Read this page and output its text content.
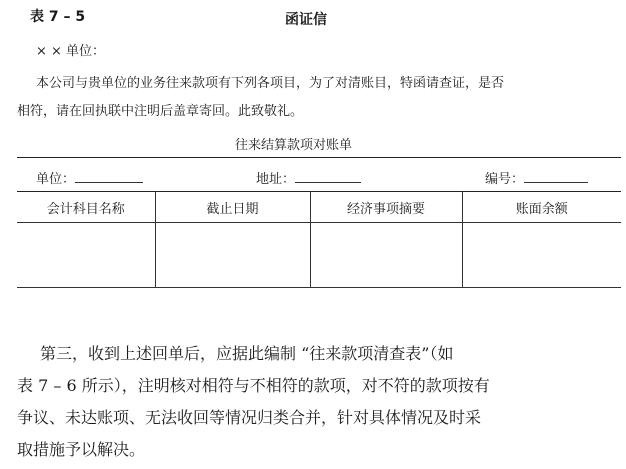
表 7 – 5	函证信
× × 单位：
本公司与贵单位的业务往来款项有下列各项目，为了对清账目，特函请查证，是否
相符，请在回执联中注明后盖章寄回。此致敬礼。
往来结算款项对账单
单位：	地址：	编号：
会计科目名称	截止日期	经济事项摘要	账面余额

第三，收到上述回单后，应据此编制 “往来款项清查表”（如
表 7 – 6 所示），注明核对相符与不相符的款项，对不符的款项按有
争议、未达账项、无法收回等情况归类合并，针对具体情况及时采
取措施予以解决。
